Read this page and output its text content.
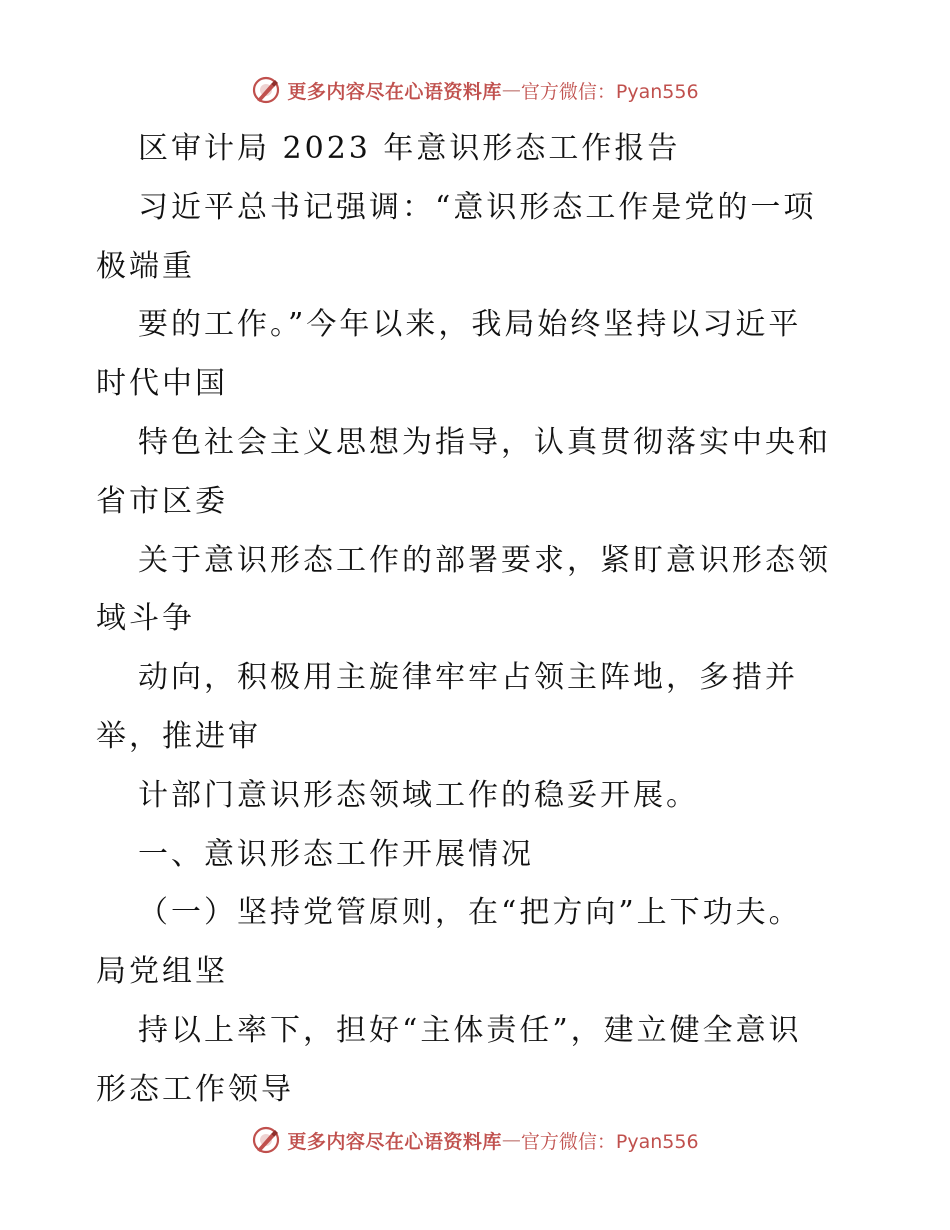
更多内容尽在心语资料库 — 官方微信：Pyan556
区审计局 2023 年意识形态工作报告
习近平总书记强调：“意识形态工作是党的一项
极端重
要的工作。”今年以来，我局始终坚持以习近平
时代中国
特色社会主义思想为指导，认真贯彻落实中央和
省市区委
关于意识形态工作的部署要求，紧盯意识形态领
域斗争
动向，积极用主旋律牢牢占领主阵地，多措并
举，推进审
计部门意识形态领域工作的稳妥开展。
一、意识形态工作开展情况
（一）坚持党管原则，在“把方向”上下功夫。
局党组坚
持以上率下，担好“主体责任”，建立健全意识
形态工作领导
更多内容尽在心语资料库 — 官方微信：Pyan556
